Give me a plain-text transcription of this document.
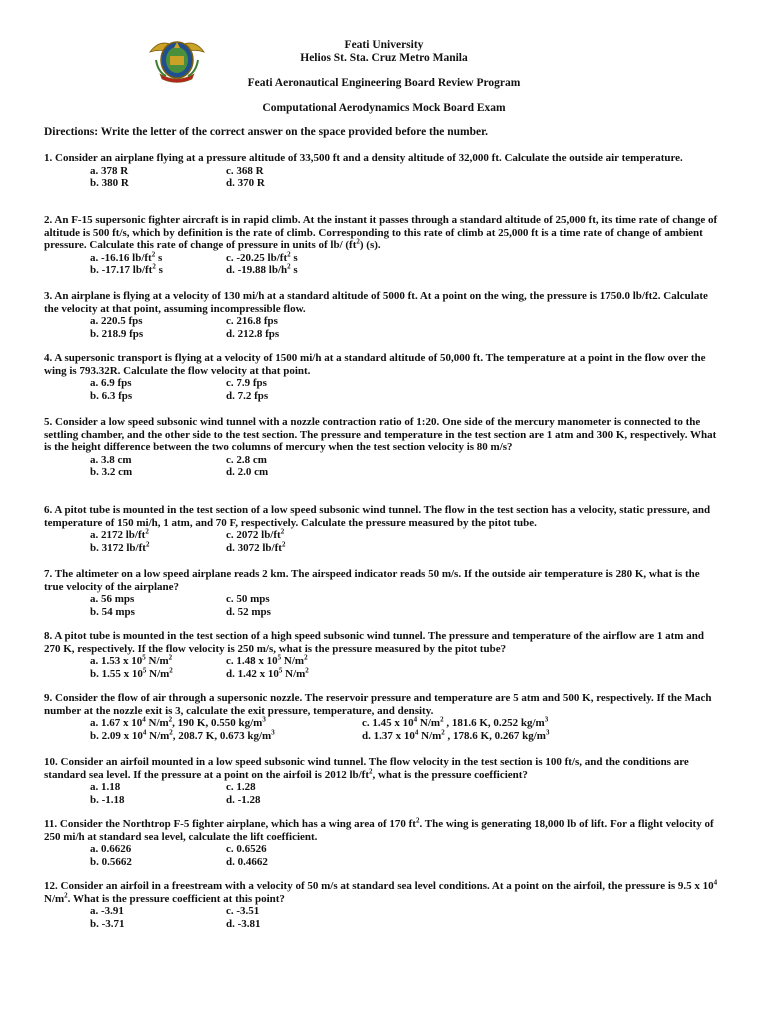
Feati University
Helios St. Sta. Cruz Metro Manila
Feati Aeronautical Engineering Board Review Program
Computational Aerodynamics Mock Board Exam
Directions: Write the letter of the correct answer on the space provided before the number.

1. Consider an airplane flying at a pressure altitude of 33,500 ft and a density altitude of 32,000 ft. Calculate the outside air temperature.

a. 378 R	c. 368 R
b. 380 R	d. 370 R

2. An F-15 supersonic fighter aircraft is in rapid climb. At the instant it passes through a standard altitude of 25,000 ft, its time rate of change of altitude is 500 ft/s, which by definition is the rate of climb. Corresponding to this rate of climb at 25,000 ft is a time rate of change of ambient pressure. Calculate this rate of change of pressure in units of lb/ $(ft^2)$ (s).

a. -16.16 $lb/ft^2$ s	c. -20.25 $lb/ft^2$ s
b. -17.17 $lb/ft^2$ s	d. -19.88 $lb/h^2$ s

3. An airplane is flying at a velocity of 130 mi/h at a standard altitude of 5000 ft. At a point on the wing, the pressure is 1750.0 lb/ft2. Calculate the velocity at that point, assuming incompressible flow.

a. 220.5 fps	c. 216.8 fps
b. 218.9 fps	d. 212.8 fps

4. A supersonic transport is flying at a velocity of 1500 mi/h at a standard altitude of 50,000 ft. The temperature at a point in the flow over the wing is 793.32R. Calculate the flow velocity at that point.

a. 6.9 fps	c. 7.9 fps
b. 6.3 fps	d. 7.2 fps

5. Consider a low speed subsonic wind tunnel with a nozzle contraction ratio of 1:20. One side of the mercury manometer is connected to the settling chamber, and the other side to the test section. The pressure and temperature in the test section are 1 atm and 300 K, respectively. What is the height difference between the two columns of mercury when the test section velocity is 80 m/s?

a. 3.8 cm	c. 2.8 cm
b. 3.2 cm	d. 2.0 cm

6. A pitot tube is mounted in the test section of a low speed subsonic wind tunnel. The flow in the test section has a velocity, static pressure, and temperature of 150 mi/h, 1 atm, and 70 F, respectively. Calculate the pressure measured by the pitot tube.

a. 2172 $lb/ft^2$	c. 2072 $lb/ft^2$
b. 3172 $lb/ft^2$	d. 3072 $lb/ft^2$

7. The altimeter on a low speed airplane reads 2 km. The airspeed indicator reads 50 m/s. If the outside air temperature is 280 K, what is the true velocity of the airplane?

a. 56 mps	c. 50 mps
b. 54 mps	d. 52 mps

8. A pitot tube is mounted in the test section of a high speed subsonic wind tunnel. The pressure and temperature of the airflow are 1 atm and 270 K, respectively. If the flow velocity is 250 m/s, what is the pressure measured by the pitot tube?

a. 1.53 x $10^5$ $N/m^2$	c. 1.48 x $10^5$ $N/m^2$
b. 1.55 x $10^5$ $N/m^2$	d. 1.42 x $10^5$ $N/m^2$

9. Consider the flow of air through a supersonic nozzle. The reservoir pressure and temperature are 5 atm and 500 K, respectively. If the Mach number at the nozzle exit is 3, calculate the exit pressure, temperature, and density.

a. 1.67 x $10^4$ $N/m^2$, 190 K, 0.550 $kg/m^3$	c. 1.45 x $10^4$ $N/m^2$ , 181.6 K, 0.252 $kg/m^3$
b. 2.09 x $10^4$ $N/m^2$, 208.7 K, 0.673 $kg/m^3$	d. 1.37 x $10^4$ $N/m^2$ , 178.6 K, 0.267 $kg/m^3$

10. Consider an airfoil mounted in a low speed subsonic wind tunnel. The flow velocity in the test section is 100 ft/s, and the conditions are standard sea level. If the pressure at a point on the airfoil is 2012 $lb/ft^2$, what is the pressure coefficient?

a. 1.18	c. 1.28
b. -1.18	d. -1.28

11. Consider the Northtrop F-5 fighter airplane, which has a wing area of 170 $ft^2$. The wing is generating 18,000 lb of lift. For a flight velocity of 250 mi/h at standard sea level, calculate the lift coefficient.

a. 0.6626	c. 0.6526
b. 0.5662	d. 0.4662

12. Consider an airfoil in a freestream with a velocity of 50 m/s at standard sea level conditions. At a point on the airfoil, the pressure is 9.5 x $10^4$ $N/m^2$. What is the pressure coefficient at this point?

a. -3.91	c. -3.51
b. -3.71	d. -3.81
